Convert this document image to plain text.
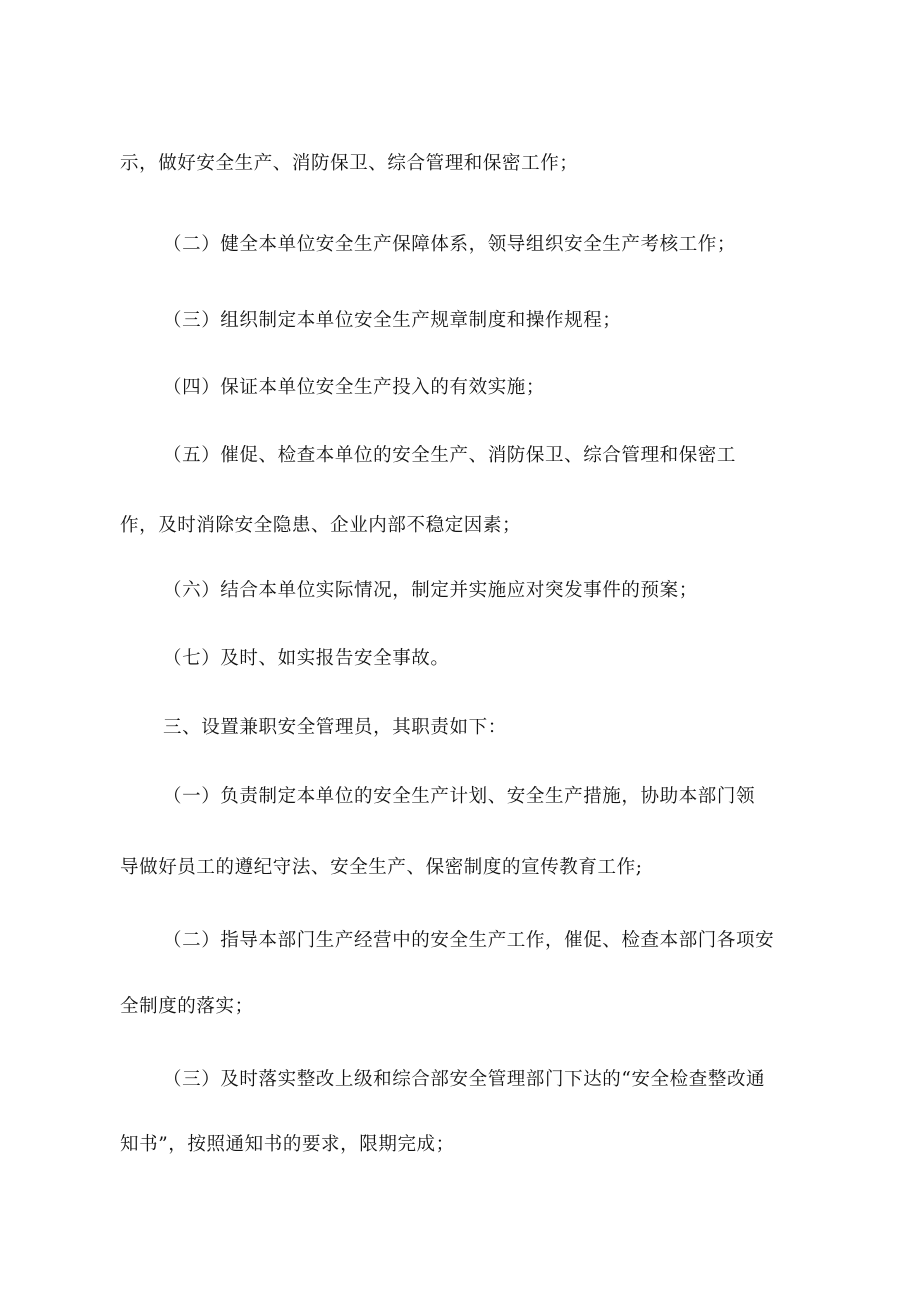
示，做好安全生产、消防保卫、综合管理和保密工作；

（二）健全本单位安全生产保障体系，领导组织安全生产考核工作；

（三）组织制定本单位安全生产规章制度和操作规程；

（四）保证本单位安全生产投入的有效实施；

（五）催促、检查本单位的安全生产、消防保卫、综合管理和保密工

作，及时消除安全隐患、企业内部不稳定因素；

（六）结合本单位实际情况，制定并实施应对突发事件的预案；

（七）及时、如实报告安全事故。

三、设置兼职安全管理员，其职责如下：

（一）负责制定本单位的安全生产计划、安全生产措施，协助本部门领

导做好员工的遵纪守法、安全生产、保密制度的宣传教育工作;

（二）指导本部门生产经营中的安全生产工作，催促、检查本部门各项安

全制度的落实；

（三）及时落实整改上级和综合部安全管理部门下达的“安全检查整改通

知书”，按照通知书的要求，限期完成；
